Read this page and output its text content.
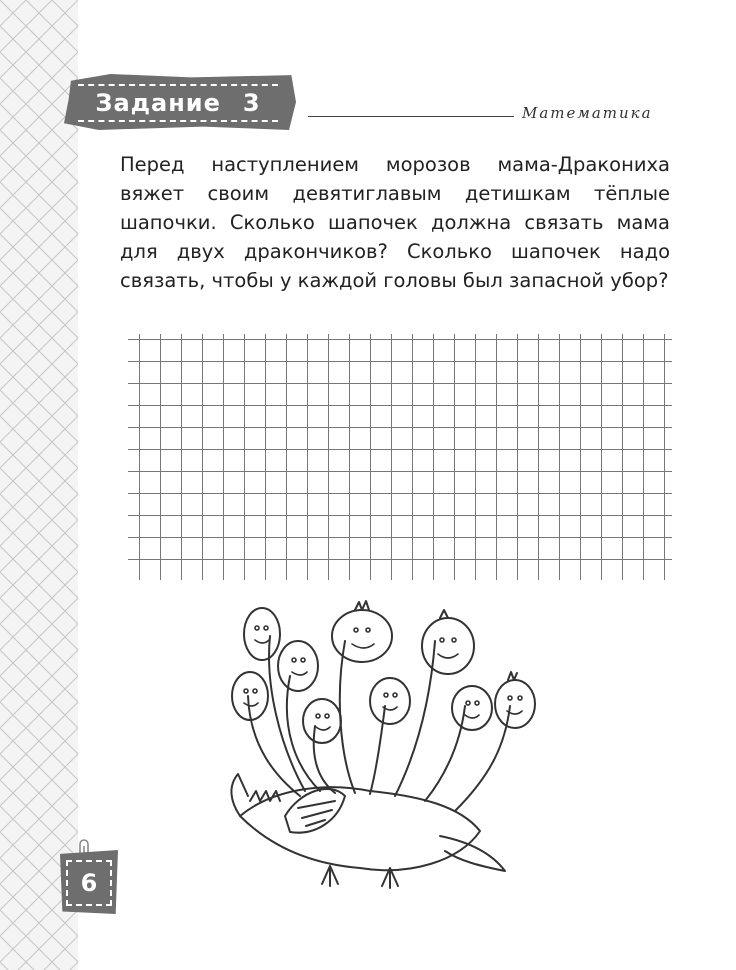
Задание 3	Математика
Перед наступлением морозов мама-Дракониха вяжет своим девятиглавым детишкам тёплые шапочки. Сколько шапочек должна связать мама для двух дракончиков? Сколько шапочек надо связать, чтобы у каждой головы был запасной убор?
6
